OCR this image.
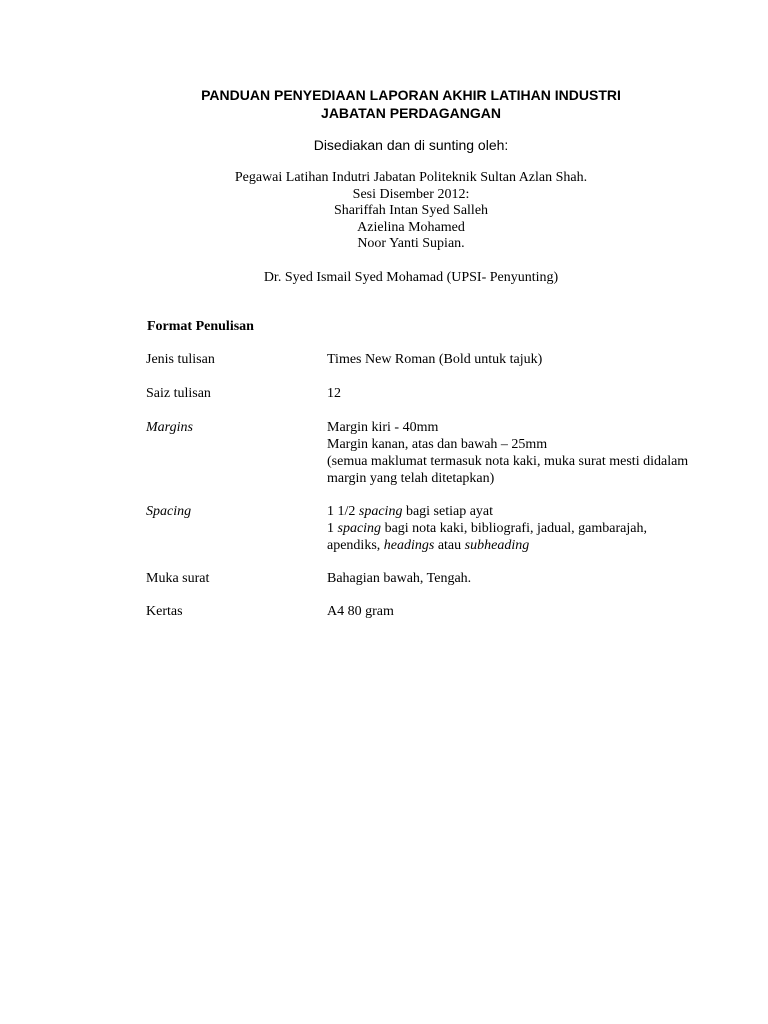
PANDUAN PENYEDIAAN LAPORAN AKHIR LATIHAN INDUSTRI
JABATAN PERDAGANGAN
Disediakan dan di sunting oleh:
Pegawai Latihan Indutri Jabatan Politeknik Sultan Azlan Shah.
Sesi Disember 2012:
Shariffah Intan Syed Salleh
Azielina Mohamed
Noor Yanti Supian.
Dr. Syed Ismail Syed Mohamad (UPSI- Penyunting)
Format Penulisan
Jenis tulisan	Times New Roman (Bold untuk tajuk)
Saiz tulisan	12
Margins	Margin kiri - 40mm
Margin kanan, atas dan bawah – 25mm
(semua maklumat termasuk nota kaki, muka surat mesti didalam
margin yang telah ditetapkan)
Spacing	1 1/2 spacing bagi setiap ayat
1 spacing bagi nota kaki, bibliografi, jadual, gambarajah,
apendiks, headings atau subheading
Muka surat	Bahagian bawah, Tengah.
Kertas	A4 80 gram
